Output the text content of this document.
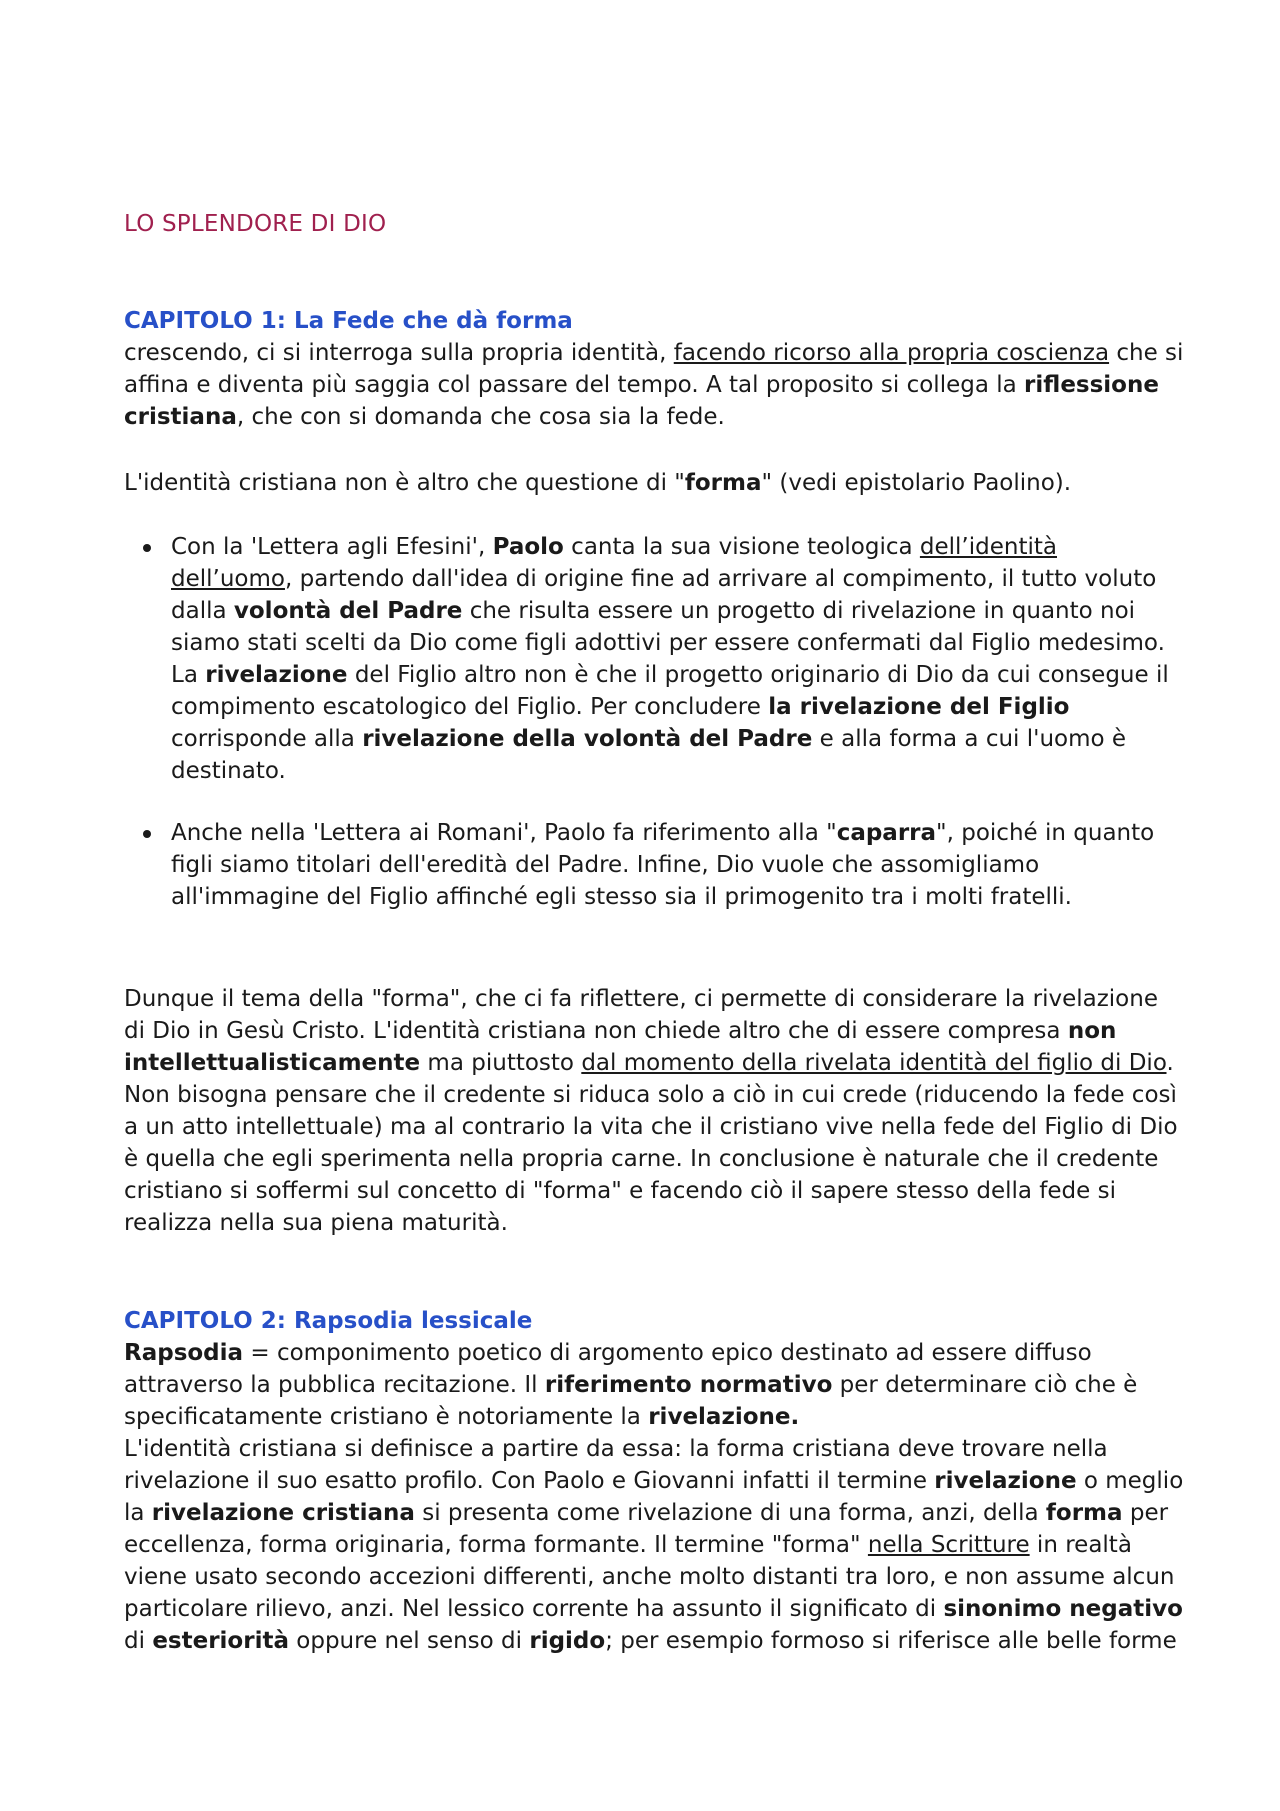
LO SPLENDORE DI DIO
CAPITOLO 1: La Fede che dà forma

crescendo, ci si interroga sulla propria identità, facendo ricorso alla propria coscienza che si affina e diventa più saggia col passare del tempo. A tal proposito si collega la riflessione cristiana, che con si domanda che cosa sia la fede.

L'identità cristiana non è altro che questione di "forma" (vedi epistolario Paolino).

Con la 'Lettera agli Efesini', Paolo canta la sua visione teologica dell’identità dell’uomo, partendo dall'idea di origine fine ad arrivare al compimento, il tutto voluto dalla volontà del Padre che risulta essere un progetto di rivelazione in quanto noi siamo stati scelti da Dio come figli adottivi per essere confermati dal Figlio medesimo. La rivelazione del Figlio altro non è che il progetto originario di Dio da cui consegue il compimento escatologico del Figlio. Per concludere la rivelazione del Figlio corrisponde alla rivelazione della volontà del Padre e alla forma a cui l'uomo è destinato.
Anche nella 'Lettera ai Romani', Paolo fa riferimento alla "caparra", poiché in quanto figli siamo titolari dell'eredità del Padre. Infine, Dio vuole che assomigliamo all'immagine del Figlio affinché egli stesso sia il primogenito tra i molti fratelli.

Dunque il tema della "forma", che ci fa riflettere, ci permette di considerare la rivelazione di Dio in Gesù Cristo. L'identità cristiana non chiede altro che di essere compresa non intellettualisticamente ma piuttosto dal momento della rivelata identità del figlio di Dio. Non bisogna pensare che il credente si riduca solo a ciò in cui crede (riducendo la fede così a un atto intellettuale) ma al contrario la vita che il cristiano vive nella fede del Figlio di Dio è quella che egli sperimenta nella propria carne. In conclusione è naturale che il credente cristiano si soffermi sul concetto di "forma" e facendo ciò il sapere stesso della fede si realizza nella sua piena maturità.

CAPITOLO 2: Rapsodia lessicale

Rapsodia = componimento poetico di argomento epico destinato ad essere diffuso attraverso la pubblica recitazione. Il riferimento normativo per determinare ciò che è specificatamente cristiano è notoriamente la rivelazione.
L'identità cristiana si definisce a partire da essa: la forma cristiana deve trovare nella rivelazione il suo esatto profilo. Con Paolo e Giovanni infatti il termine rivelazione o meglio la rivelazione cristiana si presenta come rivelazione di una forma, anzi, della forma per eccellenza, forma originaria, forma formante. Il termine "forma" nella Scritture in realtà viene usato secondo accezioni differenti, anche molto distanti tra loro, e non assume alcun particolare rilievo, anzi. Nel lessico corrente ha assunto il significato di sinonimo negativo di esteriorità oppure nel senso di rigido; per esempio formoso si riferisce alle belle forme
